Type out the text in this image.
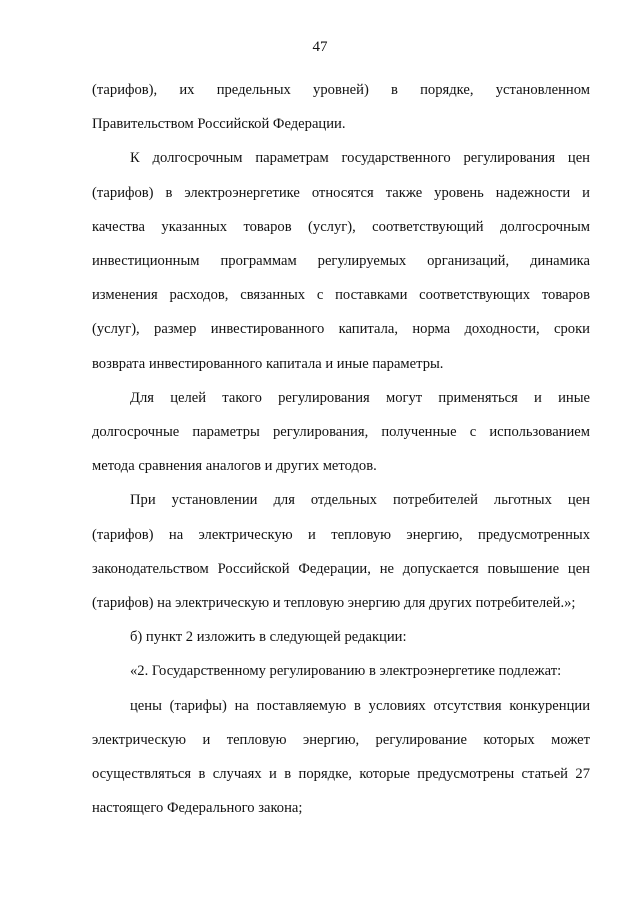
47
(тарифов), их предельных уровней) в порядке, установленном
Правительством Российской Федерации.
К долгосрочным параметрам государственного регулирования цен
(тарифов) в электроэнергетике относятся также уровень надежности и
качества указанных товаров (услуг), соответствующий долгосрочным
инвестиционным программам регулируемых организаций, динамика
изменения расходов, связанных с поставками соответствующих товаров
(услуг), размер инвестированного капитала, норма доходности, сроки
возврата инвестированного капитала и иные параметры.
Для целей такого регулирования могут применяться и иные
долгосрочные параметры регулирования, полученные с использованием
метода сравнения аналогов и других методов.
При установлении для отдельных потребителей льготных цен
(тарифов) на электрическую и тепловую энергию, предусмотренных
законодательством Российской Федерации, не допускается повышение цен
(тарифов) на электрическую и тепловую энергию для других потребителей.»;
б) пункт 2 изложить в следующей редакции:
«2. Государственному регулированию в электроэнергетике подлежат:
цены (тарифы) на поставляемую в условиях отсутствия конкуренции
электрическую и тепловую энергию, регулирование которых может
осуществляться в случаях и в порядке, которые предусмотрены статьей 27
настоящего Федерального закона;
